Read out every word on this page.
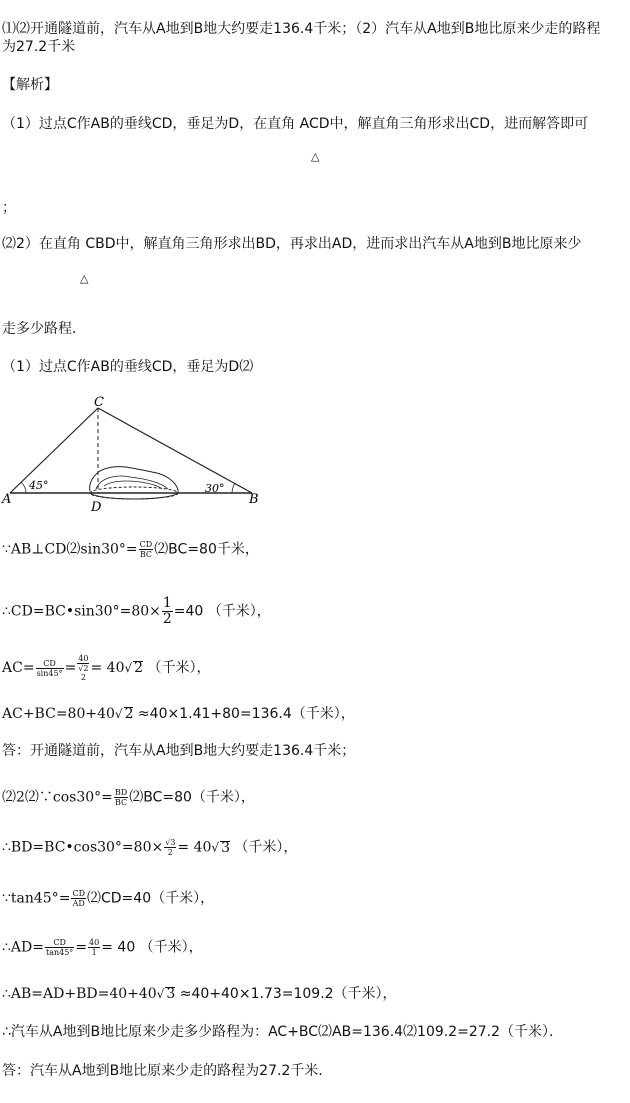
⑴⑵开通隧道前，汽车从A地到B地大约要走136.4千米；（2）汽车从A地到B地比原来少走的路程
为27.2千米
【解析】
（1）过点C作AB的垂线CD，垂足为D，在直角 ACD中，解直角三角形求出CD，进而解答即可
△
；
⑵2）在直角 CBD中，解直角三角形求出BD，再求出AD，进而求出汽车从A地到B地比原来少
△
走多少路程．
（1）过点C作AB的垂线CD，垂足为D⑵
A	B
C
D
45°	30°
∵AB⊥CD⑵sin30°= $\frac{CD}{BC}$ ⑵BC=80千米，
∴CD=BC•sin30°=80× $\frac{1}{2} =40$ （千米），
$AC= \frac{CD}{\sin 45^\circ}$ =
40
√2
2
= 40√ 2 （千米），
AC+BC=80+40√ 2 ≈40×1.41+80=136.4（千米），
答：开通隧道前，汽车从A地到B地大约要走136.4千米；
⑵2⑵∵cos30°= $\frac{BD}{BC}$ ⑵BC=80（千米），
∴BD=BC•cos30°=80× $\frac{√3}{2} = 40√$ 3 （千米），
∵tan45°= $\frac{CD}{AD}$ ⑵CD=40（千米），
∴AD= $\frac{CD}{\tan 45^\circ} = \frac{40}{1} = 40$ （千米），
∴AB=AD+BD=40+40√ 3 ≈40+40×1.73=109.2（千米），
∴汽车从A地到B地比原来少走多少路程为：AC+BC⑵AB=136.4⑵109.2=27.2（千米）．
答：汽车从A地到B地比原来少走的路程为27.2千米．
